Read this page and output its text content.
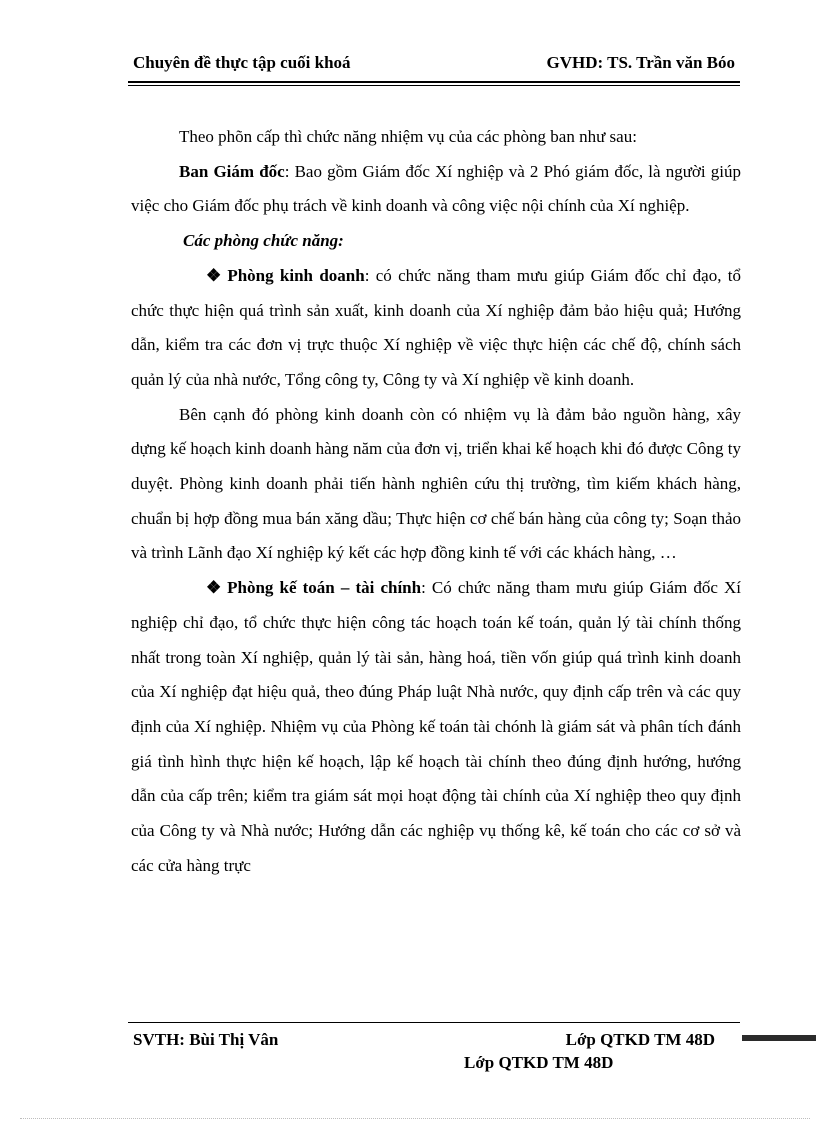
Chuyên đề thực tập cuối khoá	GVHD: TS. Trần văn Bóo

Theo phõn cấp thì chức năng nhiệm vụ của các phòng ban như sau:

Ban Giám đốc: Bao gồm Giám đốc Xí nghiệp và 2 Phó giám đốc, là người giúp việc cho Giám đốc phụ trách về kinh doanh và công việc nội chính của Xí nghiệp.

Các phòng chức năng:

❖ Phòng kinh doanh: có chức năng tham mưu giúp Giám đốc chỉ đạo, tổ chức thực hiện quá trình sản xuất, kinh doanh của Xí nghiệp đảm bảo hiệu quả; Hướng dẫn, kiểm tra các đơn vị trực thuộc Xí nghiệp về việc thực hiện các chế độ, chính sách quản lý của nhà nước, Tổng công ty, Công ty và Xí nghiệp về kinh doanh.

Bên cạnh đó phòng kinh doanh còn có nhiệm vụ là đảm bảo nguồn hàng, xây dựng kế hoạch kinh doanh hàng năm của đơn vị, triển khai kế hoạch khi đó được Công ty duyệt. Phòng kinh doanh phải tiến hành nghiên cứu thị trường, tìm kiếm khách hàng, chuẩn bị hợp đồng mua bán xăng dầu; Thực hiện cơ chế bán hàng của công ty; Soạn thảo và trình Lãnh đạo Xí nghiệp ký kết các hợp đồng kinh tế với các khách hàng, …

❖ Phòng kế toán – tài chính: Có chức năng tham mưu giúp Giám đốc Xí nghiệp chỉ đạo, tổ chức thực hiện công tác hoạch toán kế toán, quản lý tài chính thống nhất trong toàn Xí nghiệp, quản lý tài sản, hàng hoá, tiền vốn giúp quá trình kinh doanh của Xí nghiệp đạt hiệu quả, theo đúng Pháp luật Nhà nước, quy định cấp trên và các quy định của Xí nghiệp. Nhiệm vụ của Phòng kế toán tài chónh là giám sát và phân tích đánh giá tình hình thực hiện kế hoạch, lập kế hoạch tài chính theo đúng định hướng, hướng dẫn của cấp trên; kiểm tra giám sát mọi hoạt động tài chính của Xí nghiệp theo quy định của Công ty và Nhà nước; Hướng dẫn các nghiệp vụ thống kê, kế toán cho các cơ sở và các cửa hàng trực

SVTH: Bùi Thị Vân	Lớp QTKD TM 48D
Lớp QTKD TM 48D
